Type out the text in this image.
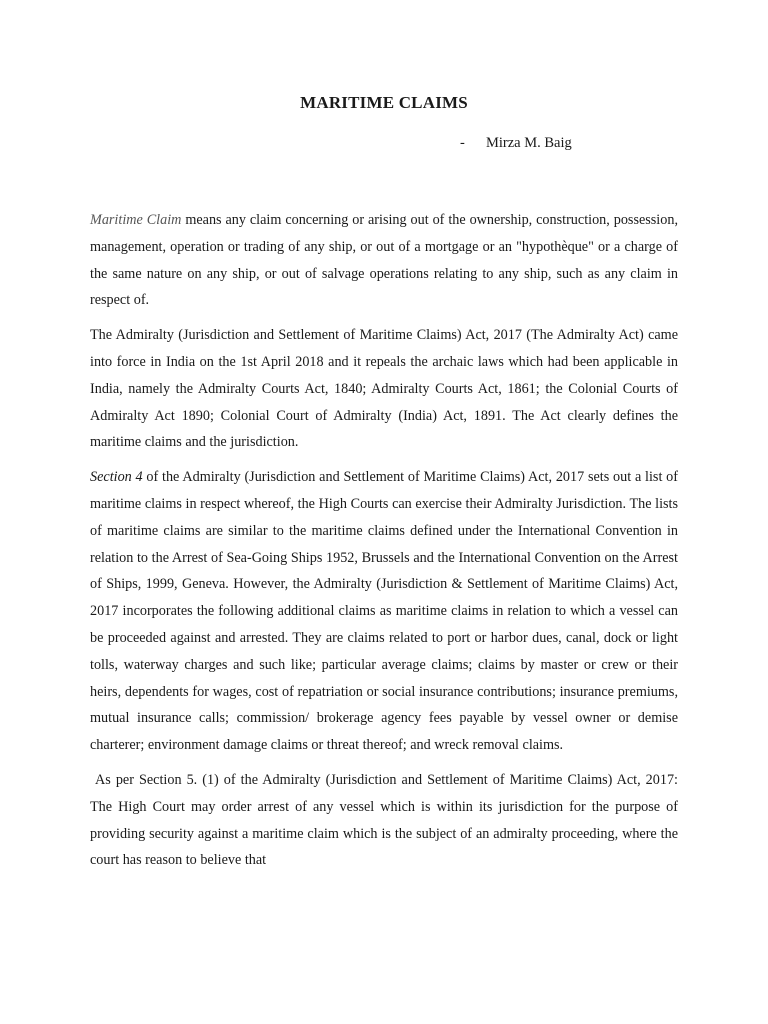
MARITIME CLAIMS
- Mirza M. Baig

Maritime Claim means any claim concerning or arising out of the ownership, construction, possession, management, operation or trading of any ship, or out of a mortgage or an "hypothèque" or a charge of the same nature on any ship, or out of salvage operations relating to any ship, such as any claim in respect of.

The Admiralty (Jurisdiction and Settlement of Maritime Claims) Act, 2017 (The Admiralty Act) came into force in India on the 1st April 2018 and it repeals the archaic laws which had been applicable in India, namely the Admiralty Courts Act, 1840; Admiralty Courts Act, 1861; the Colonial Courts of Admiralty Act 1890; Colonial Court of Admiralty (India) Act, 1891. The Act clearly defines the maritime claims and the jurisdiction.

Section 4 of the Admiralty (Jurisdiction and Settlement of Maritime Claims) Act, 2017 sets out a list of maritime claims in respect whereof, the High Courts can exercise their Admiralty Jurisdiction. The lists of maritime claims are similar to the maritime claims defined under the International Convention in relation to the Arrest of Sea-Going Ships 1952, Brussels and the International Convention on the Arrest of Ships, 1999, Geneva. However, the Admiralty (Jurisdiction & Settlement of Maritime Claims) Act, 2017 incorporates the following additional claims as maritime claims in relation to which a vessel can be proceeded against and arrested. They are claims related to port or harbor dues, canal, dock or light tolls, waterway charges and such like; particular average claims; claims by master or crew or their heirs, dependents for wages, cost of repatriation or social insurance contributions; insurance premiums, mutual insurance calls; commission/ brokerage agency fees payable by vessel owner or demise charterer; environment damage claims or threat thereof; and wreck removal claims.

As per Section 5. (1) of the Admiralty (Jurisdiction and Settlement of Maritime Claims) Act, 2017: The High Court may order arrest of any vessel which is within its jurisdiction for the purpose of providing security against a maritime claim which is the subject of an admiralty proceeding, where the court has reason to believe that
